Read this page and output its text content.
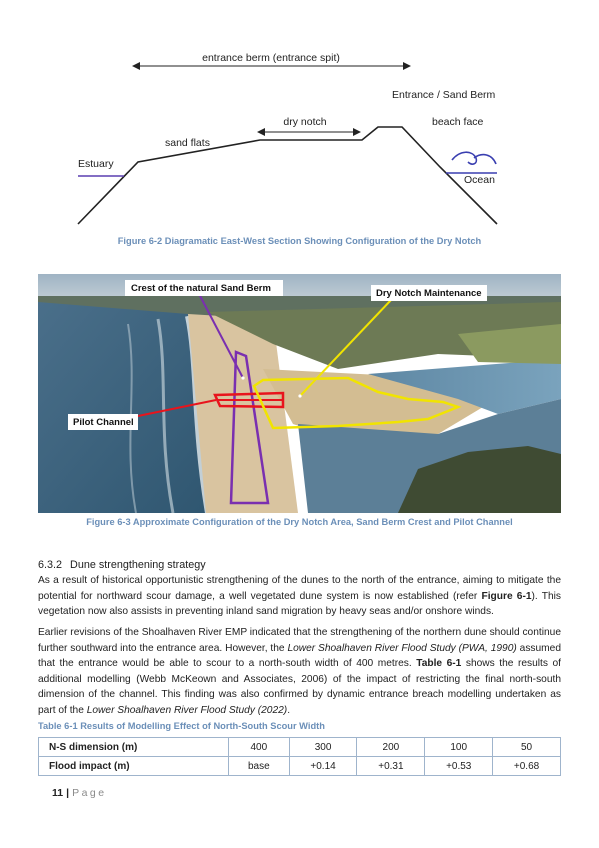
entrance berm (entrance spit)
dry notch
Entrance / Sand Berm
beach face
sand flats
Estuary
Ocean
Figure 6-2 Diagramatic East-West Section Showing Configuration of the Dry Notch
Crest of the natural Sand Berm	Dry Notch Maintenance
Pilot Channel
Figure 6-3 Approximate Configuration of the Dry Notch Area, Sand Berm Crest and Pilot Channel
6.3.2 Dune strengthening strategy
As a result of historical opportunistic strengthening of the dunes to the north of the entrance, aiming to mitigate the potential for northward scour damage, a well vegetated dune system is now established (refer Figure 6-1). This vegetation now also assists in preventing inland sand migration by heavy seas and/or onshore winds.
Earlier revisions of the Shoalhaven River EMP indicated that the strengthening of the northern dune should continue further southward into the entrance area. However, the Lower Shoalhaven River Flood Study (PWA, 1990) assumed that the entrance would be able to scour to a north-south width of 400 metres. Table 6-1 shows the results of additional modelling (Webb McKeown and Associates, 2006) of the impact of restricting the final north-south dimension of the channel. This finding was also confirmed by dynamic entrance breach modelling undertaken as part of the Lower Shoalhaven River Flood Study (2022).
Table 6-1 Results of Modelling Effect of North-South Scour Width
N-S dimension (m)	400	300	200	100	50
Flood impact (m)	base	+0.14	+0.31	+0.53	+0.68
11 | Page
